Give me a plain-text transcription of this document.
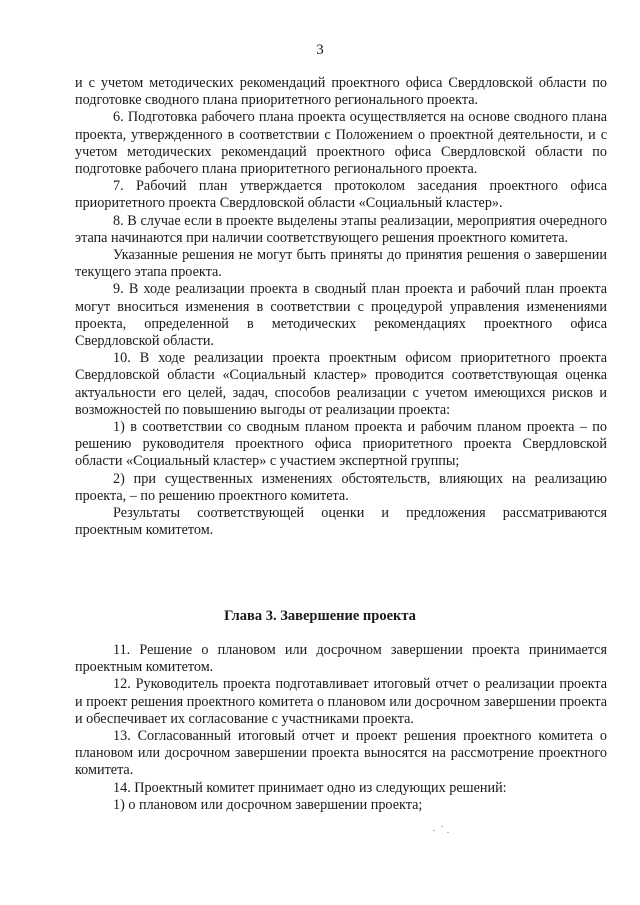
3

и с учетом методических рекомендаций проектного офиса Свердловской области по подготовке сводного плана приоритетного регионального проекта.

6. Подготовка рабочего плана проекта осуществляется на основе сводного плана проекта, утвержденного в соответствии с Положением о проектной деятельности, и с учетом методических рекомендаций проектного офиса Свердловской области по подготовке рабочего плана приоритетного регионального проекта.

7. Рабочий план утверждается протоколом заседания проектного офиса приоритетного проекта Свердловской области «Социальный кластер».

8. В случае если в проекте выделены этапы реализации, мероприятия очередного этапа начинаются при наличии соответствующего решения проектного комитета.

Указанные решения не могут быть приняты до принятия решения о завершении текущего этапа проекта.

9. В ходе реализации проекта в сводный план проекта и рабочий план проекта могут вноситься изменения в соответствии с процедурой управления изменениями проекта, определенной в методических рекомендациях проектного офиса Свердловской области.

10. В ходе реализации проекта проектным офисом приоритетного проекта Свердловской области «Социальный кластер» проводится соответствующая оценка актуальности его целей, задач, способов реализации с учетом имеющихся рисков и возможностей по повышению выгоды от реализации проекта:

1) в соответствии со сводным планом проекта и рабочим планом проекта – по решению руководителя проектного офиса приоритетного проекта Свердловской области «Социальный кластер» с участием экспертной группы;

2) при существенных изменениях обстоятельств, влияющих на реализацию проекта, – по решению проектного комитета.

Результаты соответствующей оценки и предложения рассматриваются проектным комитетом.

Глава 3. Завершение проекта

11. Решение о плановом или досрочном завершении проекта принимается проектным комитетом.

12. Руководитель проекта подготавливает итоговый отчет о реализации проекта и проект решения проектного комитета о плановом или досрочном завершении проекта и обеспечивает их согласование с участниками проекта.

13. Согласованный итоговый отчет и проект решения проектного комитета о плановом или досрочном завершении проекта выносятся на рассмотрение проектного комитета.

14. Проектный комитет принимает одно из следующих решений:

1) о плановом или досрочном завершении проекта;
